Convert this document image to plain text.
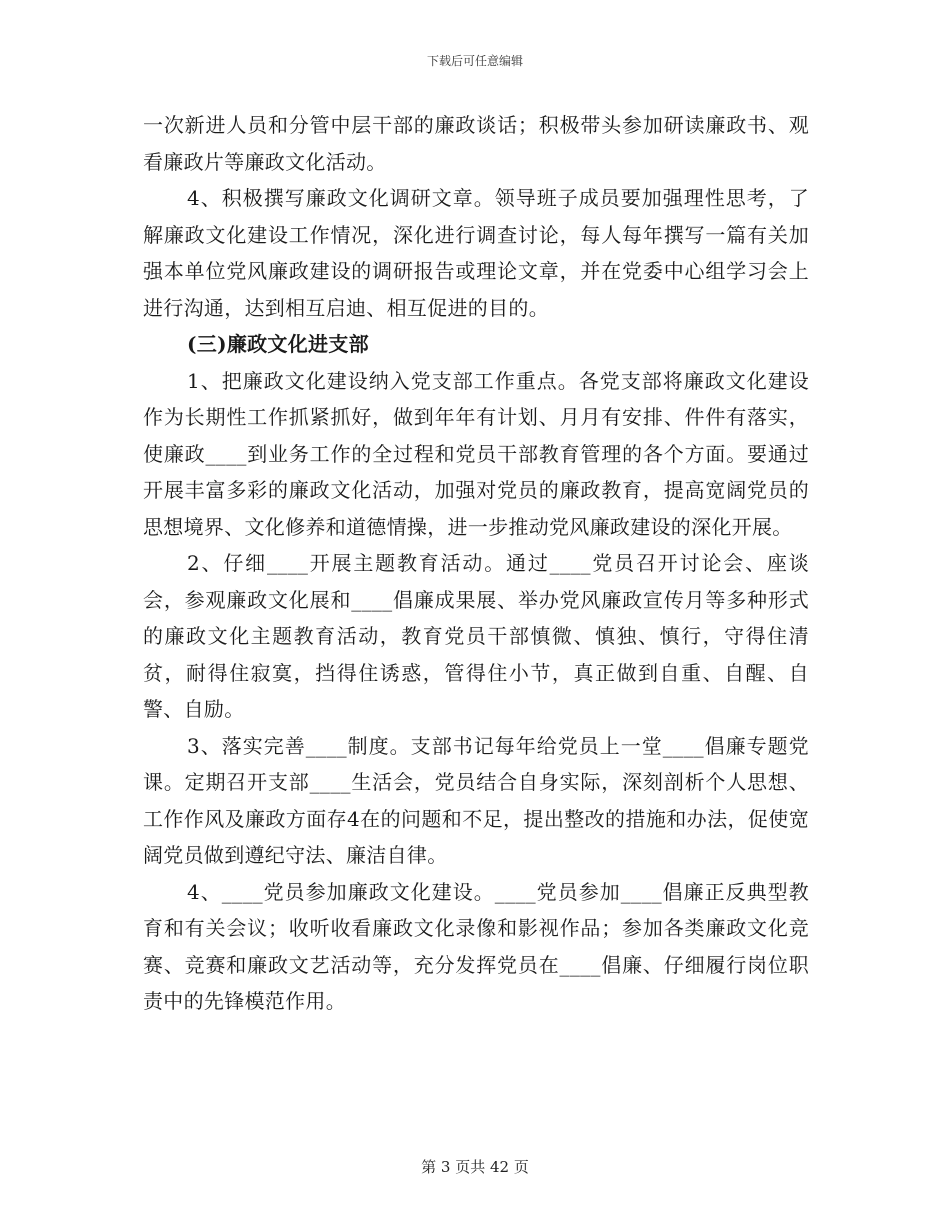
下载后可任意编辑

一次新进人员和分管中层干部的廉政谈话；积极带头参加研读廉政书、观看廉政片等廉政文化活动。

4、积极撰写廉政文化调研文章。领导班子成员要加强理性思考，了解廉政文化建设工作情况，深化进行调查讨论，每人每年撰写一篇有关加强本单位党风廉政建设的调研报告或理论文章，并在党委中心组学习会上进行沟通，达到相互启迪、相互促进的目的。

(三)廉政文化进支部

1、把廉政文化建设纳入党支部工作重点。各党支部将廉政文化建设作为长期性工作抓紧抓好，做到年年有计划、月月有安排、件件有落实，使廉政____到业务工作的全过程和党员干部教育管理的各个方面。要通过开展丰富多彩的廉政文化活动，加强对党员的廉政教育，提高宽阔党员的思想境界、文化修养和道德情操，进一步推动党风廉政建设的深化开展。

2、仔细____开展主题教育活动。通过____党员召开讨论会、座谈会，参观廉政文化展和____倡廉成果展、举办党风廉政宣传月等多种形式的廉政文化主题教育活动，教育党员干部慎微、慎独、慎行，守得住清贫，耐得住寂寞，挡得住诱惑，管得住小节，真正做到自重、自醒、自警、自励。

3、落实完善____制度。支部书记每年给党员上一堂____倡廉专题党课。定期召开支部____生活会，党员结合自身实际，深刻剖析个人思想、工作作风及廉政方面存4在的问题和不足，提出整改的措施和办法，促使宽阔党员做到遵纪守法、廉洁自律。

4、____党员参加廉政文化建设。____党员参加____倡廉正反典型教育和有关会议；收听收看廉政文化录像和影视作品；参加各类廉政文化竞赛、竞赛和廉政文艺活动等，充分发挥党员在____倡廉、仔细履行岗位职责中的先锋模范作用。

第 3 页共 42 页
